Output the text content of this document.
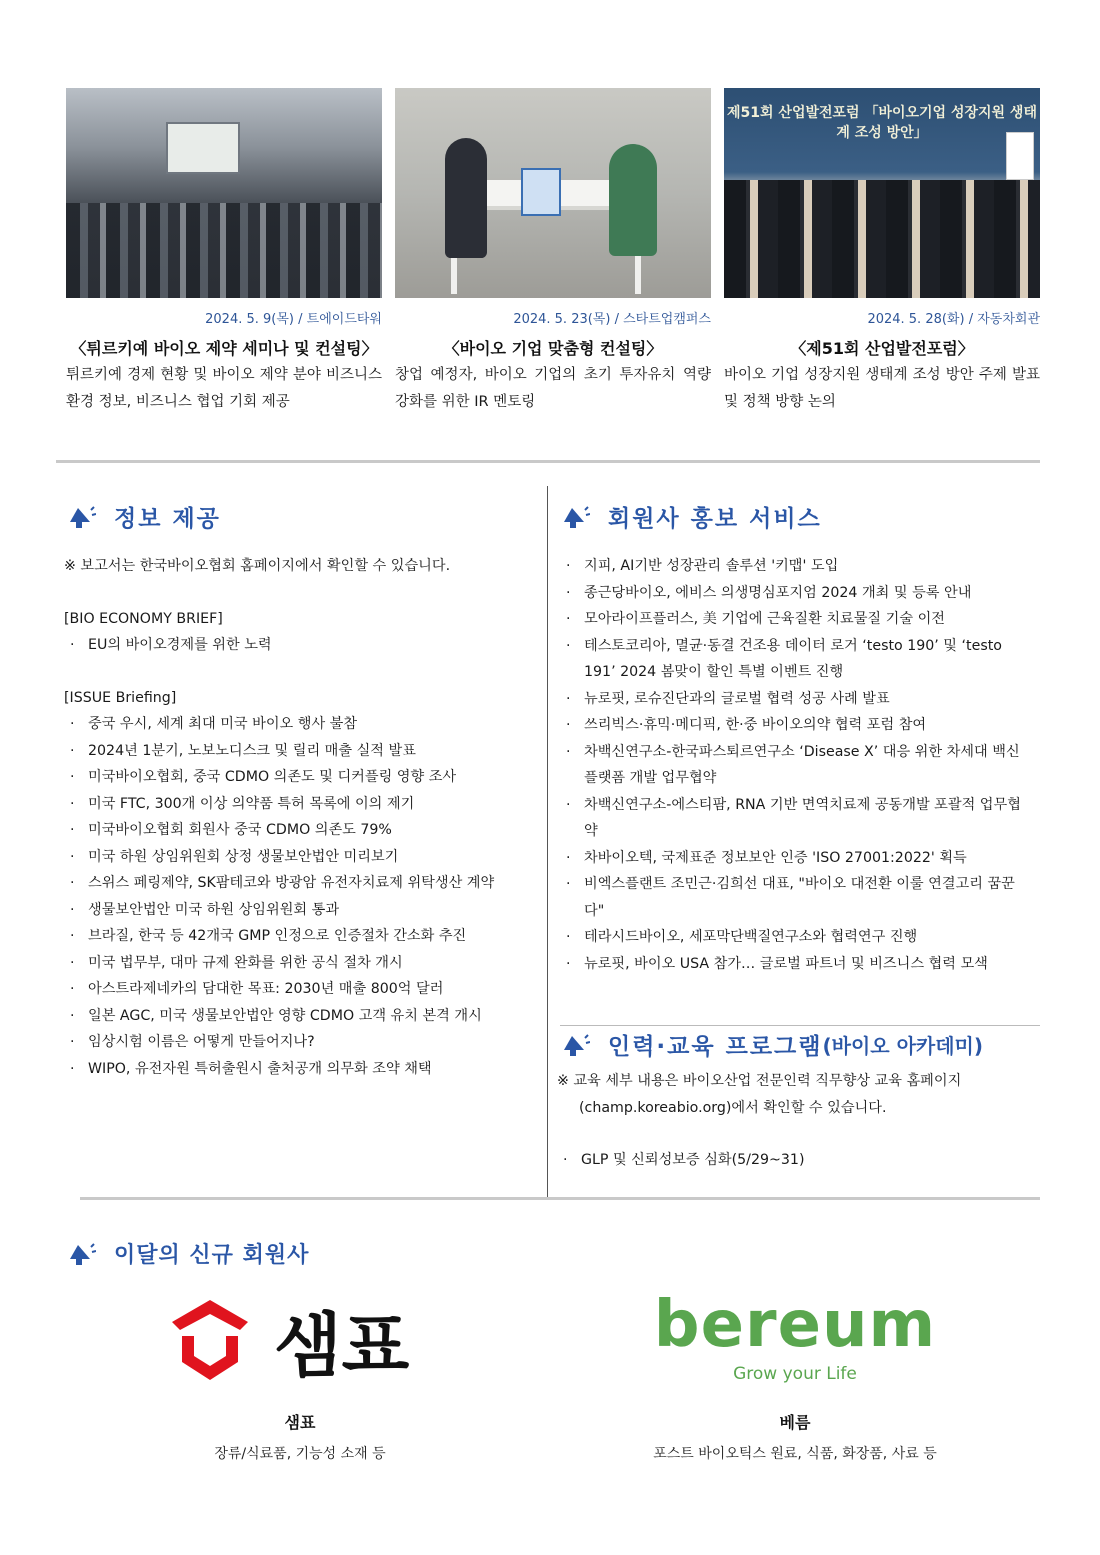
2024. 5. 9(목) / 트에이드타워
〈튀르키예 바이오 제약 세미나 및 컨설팅〉
튀르키예 경제 현황 및 바이오 제약 분야 비즈니스 환경 정보, 비즈니스 협업 기회 제공
2024. 5. 23(목) / 스타트업캠퍼스
〈바이오 기업 맞춤형 컨설팅〉
창업 예정자, 바이오 기업의 초기 투자유치 역량 강화를 위한 IR 멘토링
제51회 산업발전포럼 「바이오기업 성장지원 생태계 조성 방안」
2024. 5. 28(화) / 자동차회관
〈제51회 산업발전포럼〉
바이오 기업 성장지원 생태계 조성 방안 주제 발표 및 정책 방향 논의
정보 제공
※ 보고서는 한국바이오협회 홈페이지에서 확인할 수 있습니다.
[BIO ECONOMY BRIEF]
· EU의 바이오경제를 위한 노력
[ISSUE Briefing]
· 중국 우시, 세계 최대 미국 바이오 행사 불참
· 2024년 1분기, 노보노디스크 및 릴리 매출 실적 발표
· 미국바이오협회, 중국 CDMO 의존도 및 디커플링 영향 조사
· 미국 FTC, 300개 이상 의약품 특허 목록에 이의 제기
· 미국바이오협회 회원사 중국 CDMO 의존도 79%
· 미국 하원 상임위원회 상정 생물보안법안 미리보기
· 스위스 페링제약, SK팜테코와 방광암 유전자치료제 위탁생산 계약
· 생물보안법안 미국 하원 상임위원회 통과
· 브라질, 한국 등 42개국 GMP 인정으로 인증절차 간소화 추진
· 미국 법무부, 대마 규제 완화를 위한 공식 절차 개시
· 아스트라제네카의 담대한 목표: 2030년 매출 800억 달러
· 일본 AGC, 미국 생물보안법안 영향 CDMO 고객 유치 본격 개시
· 임상시험 이름은 어떻게 만들어지나?
· WIPO, 유전자원 특허출원시 출처공개 의무화 조약 채택
회원사 홍보 서비스
· 지피, AI기반 성장관리 솔루션 '키맵' 도입
· 종근당바이오, 에비스 의생명심포지엄 2024 개최 및 등록 안내
· 모아라이프플러스, 美 기업에 근육질환 치료물질 기술 이전
· 테스토코리아, 멸균·동결 건조용 데이터 로거 ‘testo 190’ 및 ‘testo 191’ 2024 봄맞이 할인 특별 이벤트 진행
· 뉴로핏, 로슈진단과의 글로벌 협력 성공 사례 발표
· 쓰리빅스·휴믹·메디픽, 한·중 바이오의약 협력 포럼 참여
· 차백신연구소-한국파스퇴르연구소 ‘Disease X’ 대응 위한 차세대 백신 플랫폼 개발 업무협약
· 차백신연구소-에스티팜, RNA 기반 면역치료제 공동개발 포괄적 업무협약
· 차바이오텍, 국제표준 정보보안 인증 'ISO 27001:2022' 획득
· 비엑스플랜트 조민근·김희선 대표, "바이오 대전환 이룰 연결고리 꿈꾼다"
· 테라시드바이오, 세포막단백질연구소와 협력연구 진행
· 뉴로핏, 바이오 USA 참가… 글로벌 파트너 및 비즈니스 협력 모색
인력·교육 프로그램 (바이오 아카데미)
※ 교육 세부 내용은 바이오산업 전문인력 직무향상 교육 홈페이지 (champ.koreabio.org)에서 확인할 수 있습니다.
· GLP 및 신뢰성보증 심화(5/29~31)
이달의 신규 회원사
샘표
샘표
장류/식료품, 기능성 소재 등
bereum
Grow your Life
베름
포스트 바이오틱스 원료, 식품, 화장품, 사료 등
